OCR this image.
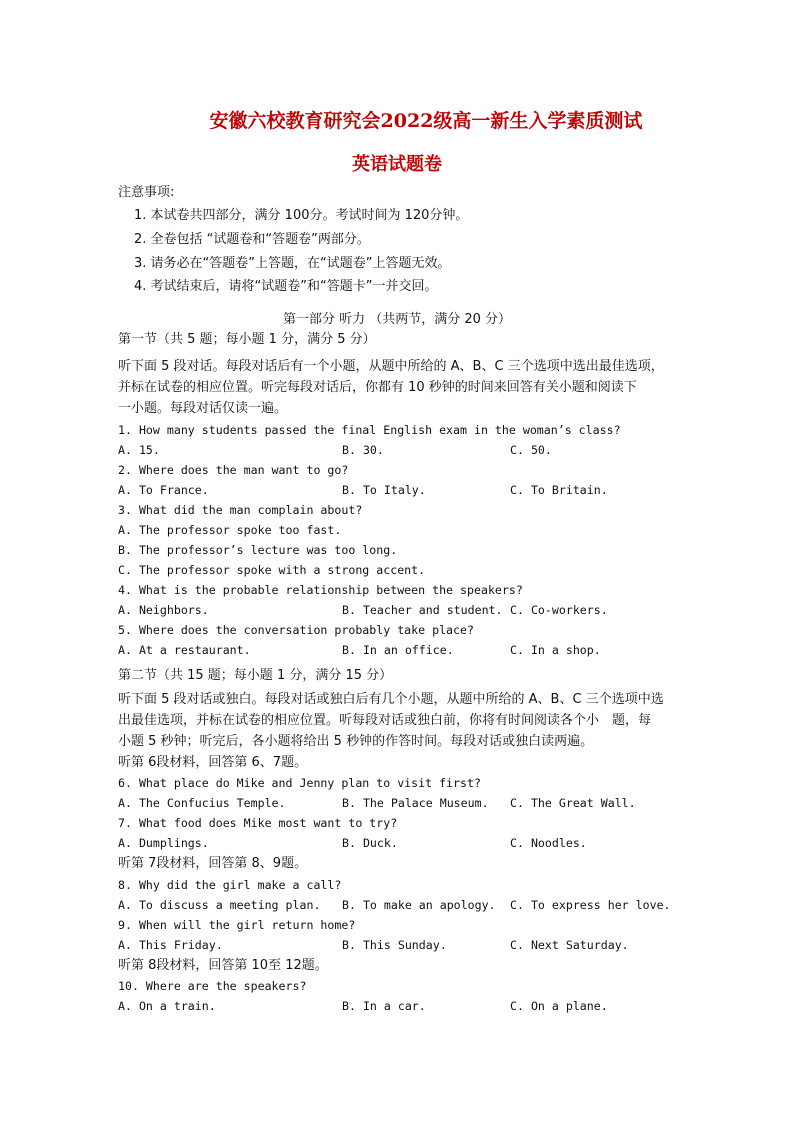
安徽六校教育研究会2022级高一新生入学素质测试
英语试题卷
注意事项:
1. 本试卷共四部分，满分 100分。考试时间为 120分钟。
2. 全卷包括 “试题卷和“答题卷”两部分。
3. 请务必在“答题卷”上答题，在“试题卷”上答题无效。
4. 考试结束后，请将“试题卷”和“答题卡”一并交回。
第一部分 听力 （共两节，满分 20 分）
第一节（共 5 题；每小题 1 分，满分 5 分）
听下面 5 段对话。每段对话后有一个小题，从题中所给的 A、B、C 三个选项中选出最佳选项，
并标在试卷的相应位置。听完每段对话后，你都有 10 秒钟的时间来回答有关小题和阅读下
一小题。每段对话仅读一遍。
1. How many students passed the final English exam in the woman’s class?
A. 15.	B. 30.	C. 50.
2. Where does the man want to go?
A. To France.	B. To Italy.	C. To Britain.
3. What did the man complain about?
A. The professor spoke too fast.
B. The professor’s lecture was too long.
C. The professor spoke with a strong accent.
4. What is the probable relationship between the speakers?
A. Neighbors.	B. Teacher and student. C. Co-workers.
5. Where does the conversation probably take place?
A. At a restaurant.	B. In an office.	C. In a shop.
第二节（共 15 题；每小题 1 分，满分 15 分）
听下面 5 段对话或独白。每段对话或独白后有几个小题，从题中所给的 A、B、C 三个选项中选
出最佳选项，并标在试卷的相应位置。听每段对话或独白前，你将有时间阅读各个小　题，每
小题 5 秒钟；听完后，各小题将给出 5 秒钟的作答时间。每段对话或独白读两遍。
听第 6段材料，回答第 6、7题。
6. What place do Mike and Jenny plan to visit first?
A. The Confucius Temple.	B. The Palace Museum. C. The Great Wall.
7. What food does Mike most want to try?
A. Dumplings.	B. Duck.	C. Noodles.
听第 7段材料，回答第 8、9题。
8. Why did the girl make a call?
A. To discuss a meeting plan. B. To make an apology. C. To express her love.
9. When will the girl return home?
A. This Friday.	B. This Sunday.	C. Next Saturday.
听第 8段材料，回答第 10至 12题。
10. Where are the speakers?
A. On a train.	B. In a car.	C. On a plane.
